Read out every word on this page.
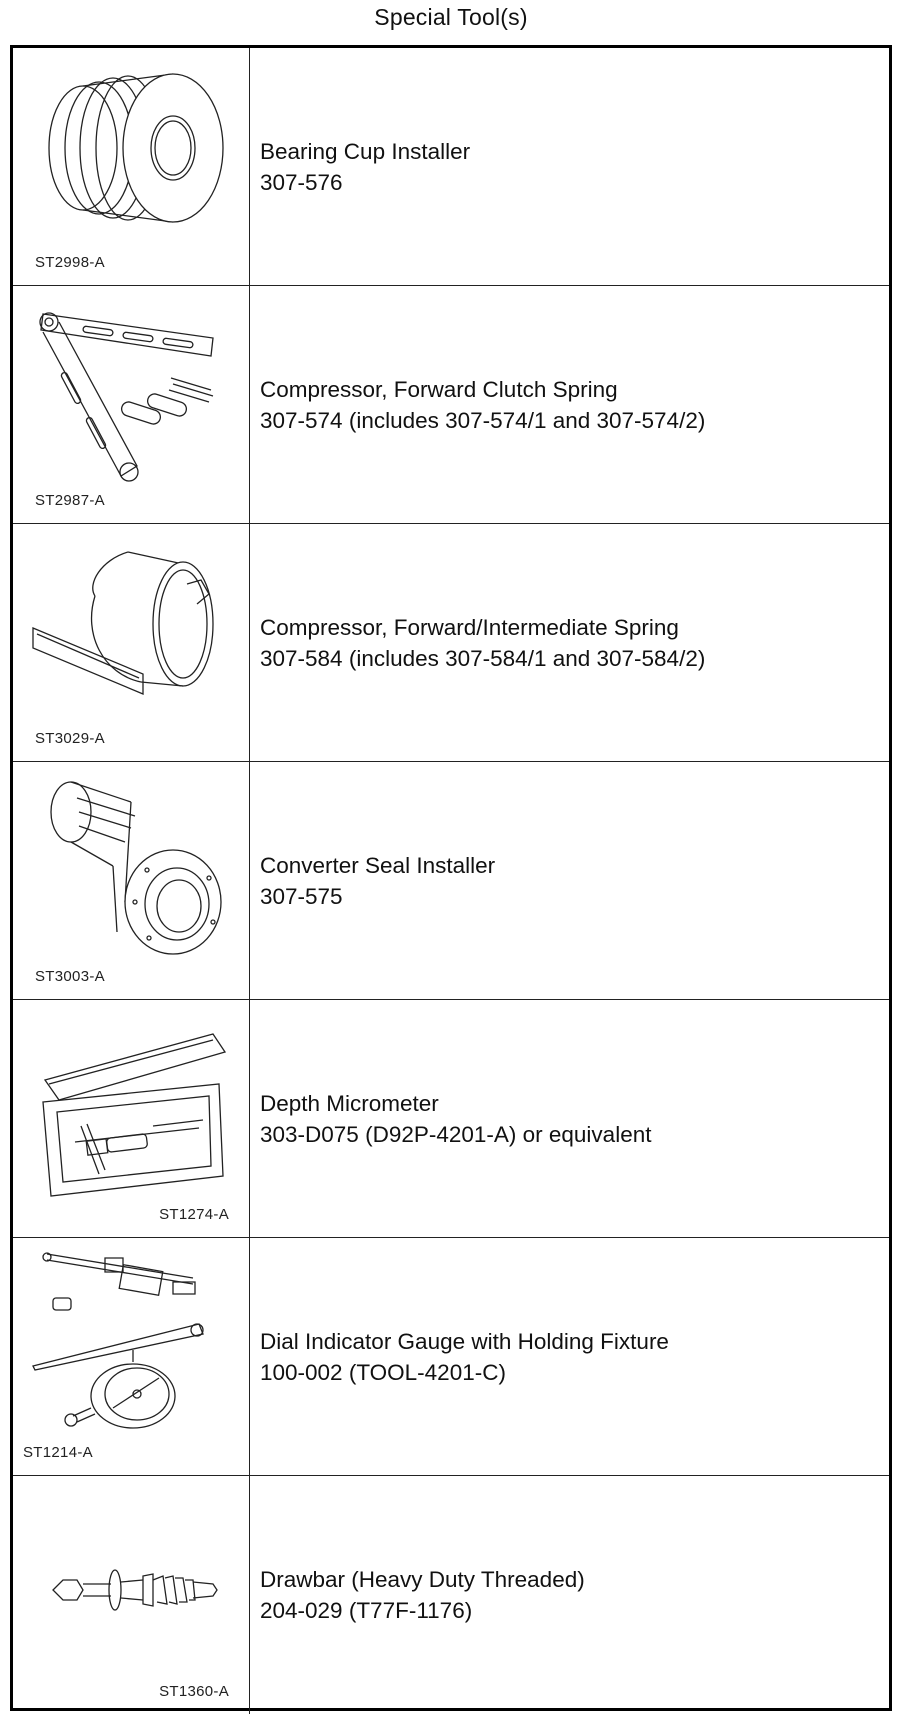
Special Tool(s)
ST2998-A
Bearing Cup Installer
307-576
ST2987-A
Compressor, Forward Clutch Spring
307-574 (includes 307-574/1 and 307-574/2)
ST3029-A
Compressor, Forward/Intermediate Spring
307-584 (includes 307-584/1 and 307-584/2)
ST3003-A
Converter Seal Installer
307-575
ST1274-A
Depth Micrometer
303-D075 (D92P-4201-A) or equivalent
ST1214-A
Dial Indicator Gauge with Holding Fixture
100-002 (TOOL-4201-C)
ST1360-A
Drawbar (Heavy Duty Threaded)
204-029 (T77F-1176)
